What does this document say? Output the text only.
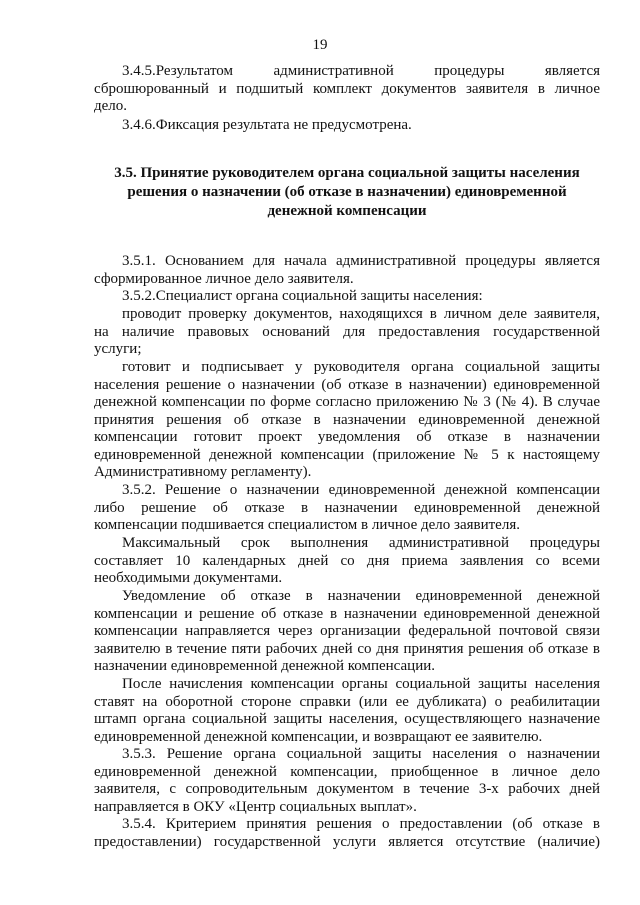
19
3.4.5.Результатом административной процедуры является
сброшюрованный и подшитый комплект документов заявителя в личное
дело.
3.4.6.Фиксация результата не предусмотрена.
3.5. Принятие руководителем органа социальной защиты населения
решения о назначении (об отказе в назначении) единовременной
денежной компенсации
3.5.1. Основанием для начала административной процедуры является
сформированное личное дело заявителя.
3.5.2.Специалист органа социальной защиты населения:
проводит проверку документов, находящихся в личном деле заявителя,
на наличие правовых оснований для предоставления государственной
услуги;
готовит и подписывает у руководителя органа социальной защиты
населения решение о назначении (об отказе в назначении) единовременной
денежной компенсации по форме согласно приложению № 3 (№ 4). В случае
принятия решения об отказе в назначении единовременной денежной
компенсации готовит проект уведомления об отказе в назначении
единовременной денежной компенсации (приложение № 5 к настоящему
Административному регламенту).
3.5.2. Решение о назначении единовременной денежной компенсации
либо решение об отказе в назначении единовременной денежной
компенсации подшивается специалистом в личное дело заявителя.
Максимальный срок выполнения административной процедуры
составляет 10 календарных дней со дня приема заявления со всеми
необходимыми документами.
Уведомление об отказе в назначении единовременной денежной
компенсации и решение об отказе в назначении единовременной денежной
компенсации направляется через организации федеральной почтовой связи
заявителю в течение пяти рабочих дней со дня принятия решения об отказе в
назначении единовременной денежной компенсации.
После начисления компенсации органы социальной защиты населения
ставят на оборотной стороне справки (или ее дубликата) о реабилитации
штамп органа социальной защиты населения, осуществляющего назначение
единовременной денежной компенсации, и возвращают ее заявителю.
3.5.3. Решение органа социальной защиты населения о назначении
единовременной денежной компенсации, приобщенное в личное дело
заявителя, с сопроводительным документом в течение 3-х рабочих дней
направляется в ОКУ «Центр социальных выплат».
3.5.4. Критерием принятия решения о предоставлении (об отказе в
предоставлении) государственной услуги является отсутствие (наличие)
